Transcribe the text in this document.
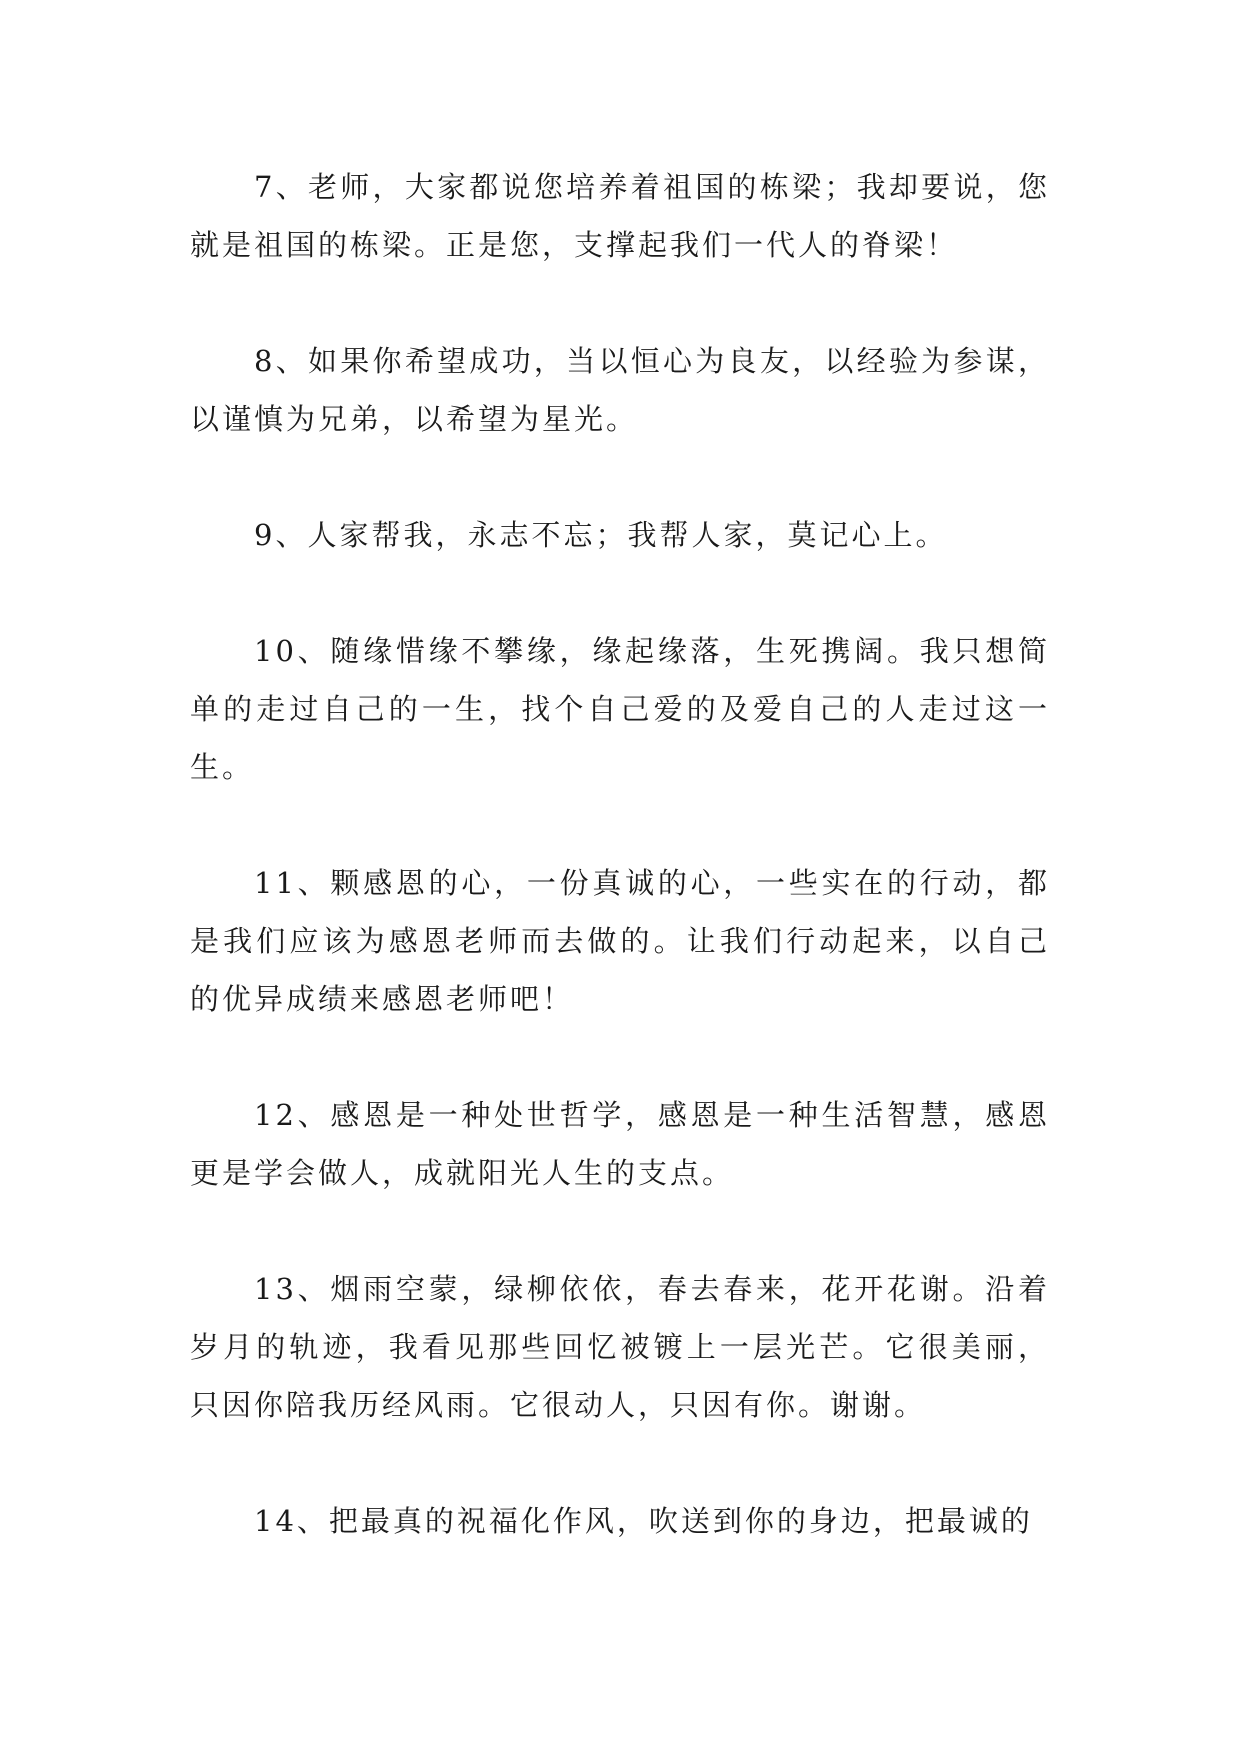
7、老师，大家都说您培养着祖国的栋梁；我却要说，您就是祖国的栋梁。正是您，支撑起我们一代人的脊梁！

8、如果你希望成功，当以恒心为良友，以经验为参谋，以谨慎为兄弟，以希望为星光。

9、人家帮我，永志不忘；我帮人家，莫记心上。

10、随缘惜缘不攀缘，缘起缘落，生死携阔。我只想简单的走过自己的一生，找个自己爱的及爱自己的人走过这一生。

11、颗感恩的心，一份真诚的心，一些实在的行动，都是我们应该为感恩老师而去做的。让我们行动起来，以自己的优异成绩来感恩老师吧！

12、感恩是一种处世哲学，感恩是一种生活智慧，感恩更是学会做人，成就阳光人生的支点。

13、烟雨空蒙，绿柳依依，春去春来，花开花谢。沿着岁月的轨迹，我看见那些回忆被镀上一层光芒。它很美丽，只因你陪我历经风雨。它很动人，只因有你。谢谢。

14、把最真的祝福化作风，吹送到你的身边，把最诚的
